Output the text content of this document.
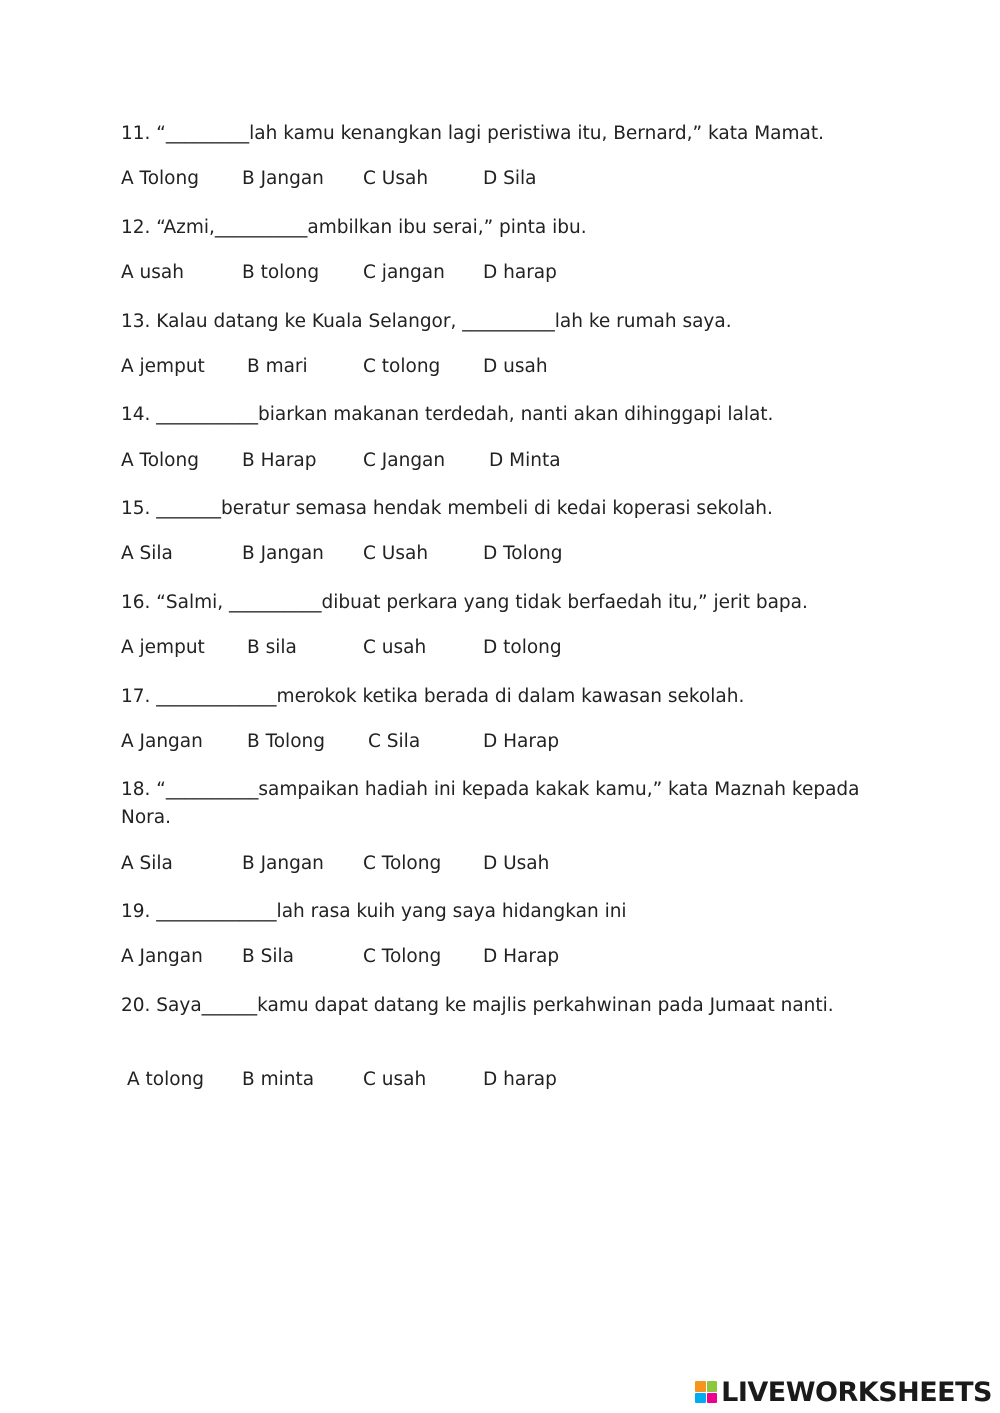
11. “_________lah kamu kenangkan lagi peristiwa itu, Bernard,” kata Mamat.
A Tolong B Jangan C Usah	D Sila
12. “Azmi,__________ambilkan ibu serai,” pinta ibu.
A usah	B tolong C jangan D harap
13. Kalau datang ke Kuala Selangor, __________lah ke rumah saya.
A jemput B mari	C tolong D usah
14. ___________biarkan makanan terdedah, nanti akan dihinggapi lalat.
A Tolong B Harap	C Jangan D Minta
15. _______beratur semasa hendak membeli di kedai koperasi sekolah.
A Sila	B Jangan C Usah	D Tolong
16. “Salmi, __________dibuat perkara yang tidak berfaedah itu,” jerit bapa.
A jemput B sila	C usah	D tolong
17. _____________merokok ketika berada di dalam kawasan sekolah.
A Jangan B Tolong C Sila	D Harap
18. “__________sampaikan hadiah ini kepada kakak kamu,” kata Maznah kepada Nora.
A Sila	B Jangan C Tolong D Usah
19. _____________lah rasa kuih yang saya hidangkan ini
A Jangan B Sila	C Tolong D Harap
20. Saya______kamu dapat datang ke majlis perkahwinan pada Jumaat nanti.
A tolong B minta	C usah	D harap
LIVEWORKSHEETS
